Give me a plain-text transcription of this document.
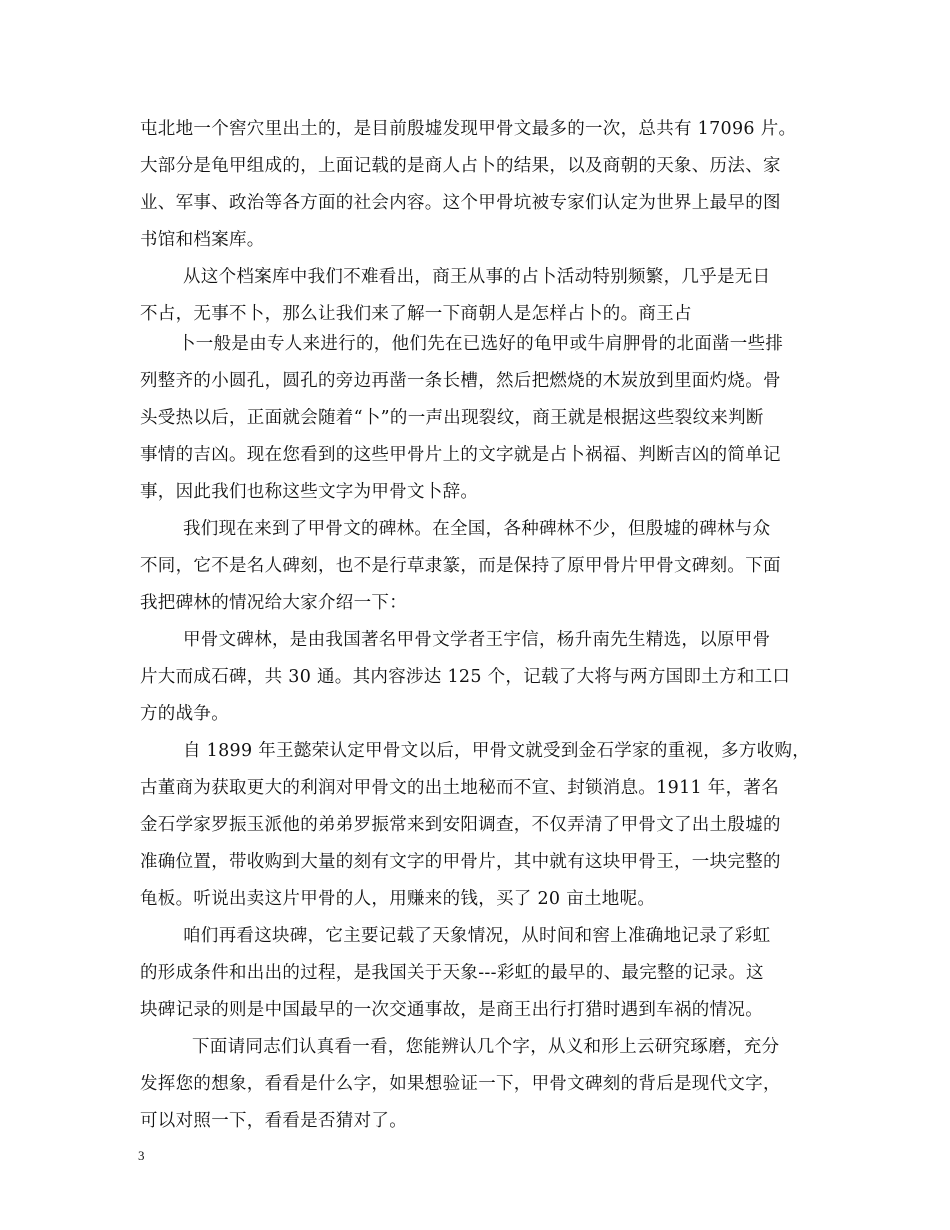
屯北地一个窖穴里出土的，是目前殷墟发现甲骨文最多的一次，总共有 17096 片。
大部分是龟甲组成的，上面记载的是商人占卜的结果，以及商朝的天象、历法、家
业、军事、政治等各方面的社会内容。这个甲骨坑被专家们认定为世界上最早的图
书馆和档案库。
从这个档案库中我们不难看出，商王从事的占卜活动特别频繁，几乎是无日
不占，无事不卜，那么让我们来了解一下商朝人是怎样占卜的。商王占
卜一般是由专人来进行的，他们先在已选好的龟甲或牛肩胛骨的北面凿一些排
列整齐的小圆孔，圆孔的旁边再凿一条长槽，然后把燃烧的木炭放到里面灼烧。骨
头受热以后，正面就会随着“卜”的一声出现裂纹，商王就是根据这些裂纹来判断
事情的吉凶。现在您看到的这些甲骨片上的文字就是占卜祸福、判断吉凶的简单记
事，因此我们也称这些文字为甲骨文卜辞。
我们现在来到了甲骨文的碑林。在全国，各种碑林不少，但殷墟的碑林与众
不同，它不是名人碑刻，也不是行草隶篆，而是保持了原甲骨片甲骨文碑刻。下面
我把碑林的情况给大家介绍一下：
甲骨文碑林，是由我国著名甲骨文学者王宇信，杨升南先生精选，以原甲骨
片大而成石碑，共 30 通。其内容涉达 125 个，记载了大将与两方国即土方和工口
方的战争。
自 1899 年王懿荣认定甲骨文以后，甲骨文就受到金石学家的重视，多方收购，
古董商为获取更大的利润对甲骨文的出土地秘而不宣、封锁消息。1911 年，著名
金石学家罗振玉派他的弟弟罗振常来到安阳调查，不仅弄清了甲骨文了出土殷墟的
准确位置，带收购到大量的刻有文字的甲骨片，其中就有这块甲骨王，一块完整的
龟板。听说出卖这片甲骨的人，用赚来的钱，买了 20 亩土地呢。
咱们再看这块碑，它主要记载了天象情况，从时间和窖上准确地记录了彩虹
的形成条件和出出的过程，是我国关于天象---彩虹的最早的、最完整的记录。这
块碑记录的则是中国最早的一次交通事故，是商王出行打猎时遇到车祸的情况。
下面请同志们认真看一看，您能辨认几个字，从义和形上云研究琢磨，充分
发挥您的想象，看看是什么字，如果想验证一下，甲骨文碑刻的背后是现代文字，
可以对照一下，看看是否猜对了。
3
